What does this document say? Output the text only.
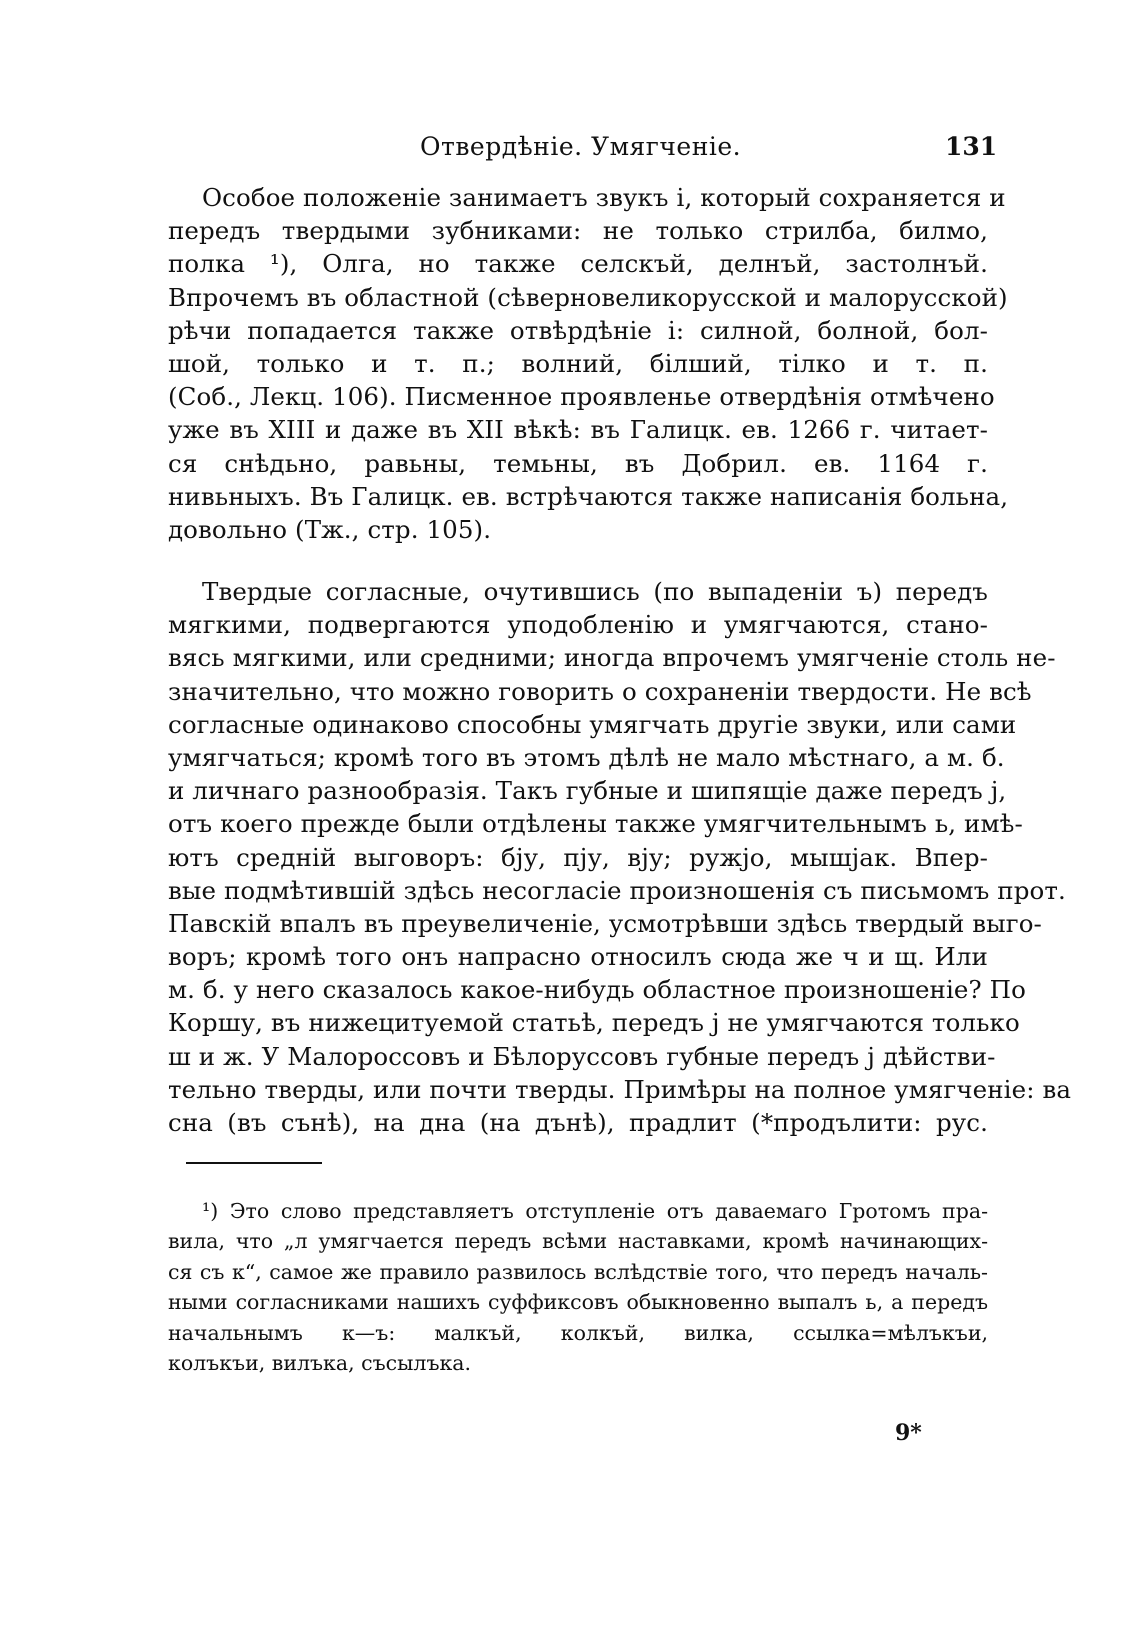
Отвердѣніе. Умягченіе.	131
Особое положеніе занимаетъ звукъ і, который сохраняется и
передъ твердыми зубниками: не только стрилба, билмо,
полка ¹), Олга, но также селскъй, делнъй, застолнъй.
Впрочемъ въ областной (сѣверновеликорусской и малорусской)
рѣчи попадается также отвѣрдѣніе і: силной, болной, бол-
шой, только и т. п.; волний, білший, тілко и т. п.
(Соб., Лекц. 106). Писменное проявленье отвердѣнія отмѣчено
уже въ XIII и даже въ XII вѣкѣ: въ Галицк. ев. 1266 г. читает-
ся снѣдьно, равьны, темьны, въ Добрил. ев. 1164 г.
нивьныхъ. Въ Галицк. ев. встрѣчаются также написанія больна,
довольно (Тж., стр. 105).
Твердые согласные, очутившись (по выпаденіи ъ) передъ
мягкими, подвергаются уподобленію и умягчаются, стано-
вясь мягкими, или средними; иногда впрочемъ умягченіе столь не-
значительно, что можно говорить о сохраненіи твердости. Не всѣ
согласные одинаково способны умягчать другіе звуки, или сами
умягчаться; кромѣ того въ этомъ дѣлѣ не мало мѣстнаго, а м. б.
и личнаго разнообразія. Такъ губные и шипящіе даже передъ j,
отъ коего прежде были отдѣлены также умягчительнымъ ь, имѣ-
ютъ средній выговоръ: бју, пју, вју; ружјо, мышјак. Впер-
вые подмѣтившій здѣсь несогласіе произношенія съ письмомъ прот.
Павскій впалъ въ преувеличеніе, усмотрѣвши здѣсь твердый выго-
воръ; кромѣ того онъ напрасно относилъ сюда же ч и щ. Или
м. б. у него сказалось какое-нибудь областное произношеніе? По
Коршу, въ нижецитуемой статьѣ, передъ j не умягчаются только
ш и ж. У Малороссовъ и Бѣлоруссовъ губные передъ j дѣйстви-
тельно тверды, или почти тверды. Примѣры на полное умягченіе: ва
сна (въ сънѣ), на дна (на дънѣ), прадлит (*продълити: рус.
¹) Это слово представляетъ отступленіе отъ даваемаго Гротомъ пра-
вила, что „л умягчается передъ всѣми наставками, кромѣ начинающих-
ся съ к“, самое же правило развилось вслѣдствіе того, что передъ началь-
ными согласниками нашихъ суффиксовъ обыкновенно выпалъ ь, а передъ
начальнымъ к—ъ: малкъй, колкъй, вилка, ссылка=мѣлъкъи,
колъкъи, вилъка, съсылъка.
9*
